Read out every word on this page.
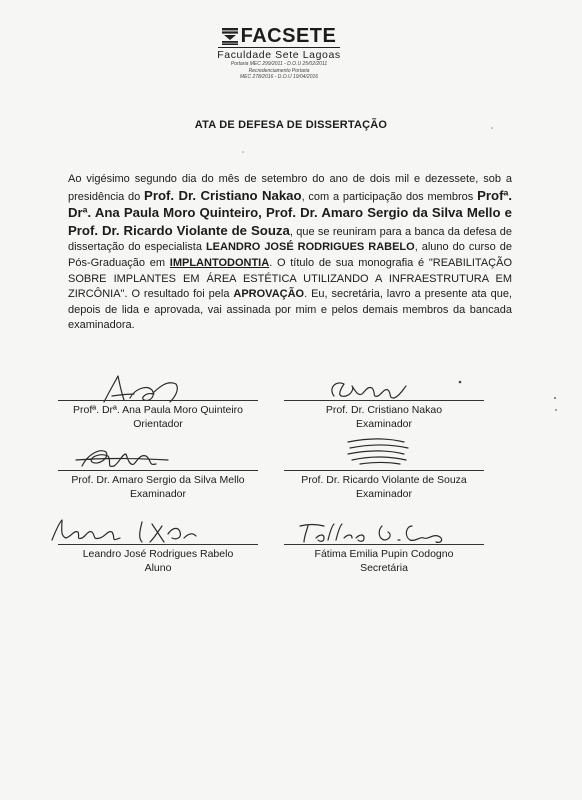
FACSETE
Faculdade Sete Lagoas
Portaria MEC 299/2011 - D.O.U 25/02/2011
Recredenciamento Portaria
MEC 278/2016 - D.O.U 19/04/2016
ATA DE DEFESA DE DISSERTAÇÃO
Ao vigésimo segundo dia do mês de setembro do ano de dois mil e dezessete, sob a presidência do Prof. Dr. Cristiano Nakao, com a participação dos membros Profª. Drª. Ana Paula Moro Quinteiro, Prof. Dr. Amaro Sergio da Silva Mello e Prof. Dr. Ricardo Violante de Souza, que se reuniram para a banca da defesa de dissertação do especialista LEANDRO JOSÉ RODRIGUES RABELO, aluno do curso de Pós-Graduação em IMPLANTODONTIA. O título de sua monografia é "REABILITAÇÃO SOBRE IMPLANTES EM ÁREA ESTÉTICA UTILIZANDO A INFRAESTRUTURA EM ZIRCÔNIA". O resultado foi pela APROVAÇÃO. Eu, secretária, lavro a presente ata que, depois de lida e aprovada, vai assinada por mim e pelos demais membros da bancada examinadora.
Profª. Drª. Ana Paula Moro Quinteiro
Orientador
Prof. Dr. Cristiano Nakao
Examinador
Prof. Dr. Amaro Sergio da Silva Mello
Examinador
Prof. Dr. Ricardo Violante de Souza
Examinador
Leandro José Rodrigues Rabelo
Aluno
Fátima Emilia Pupin Codogno
Secretária
